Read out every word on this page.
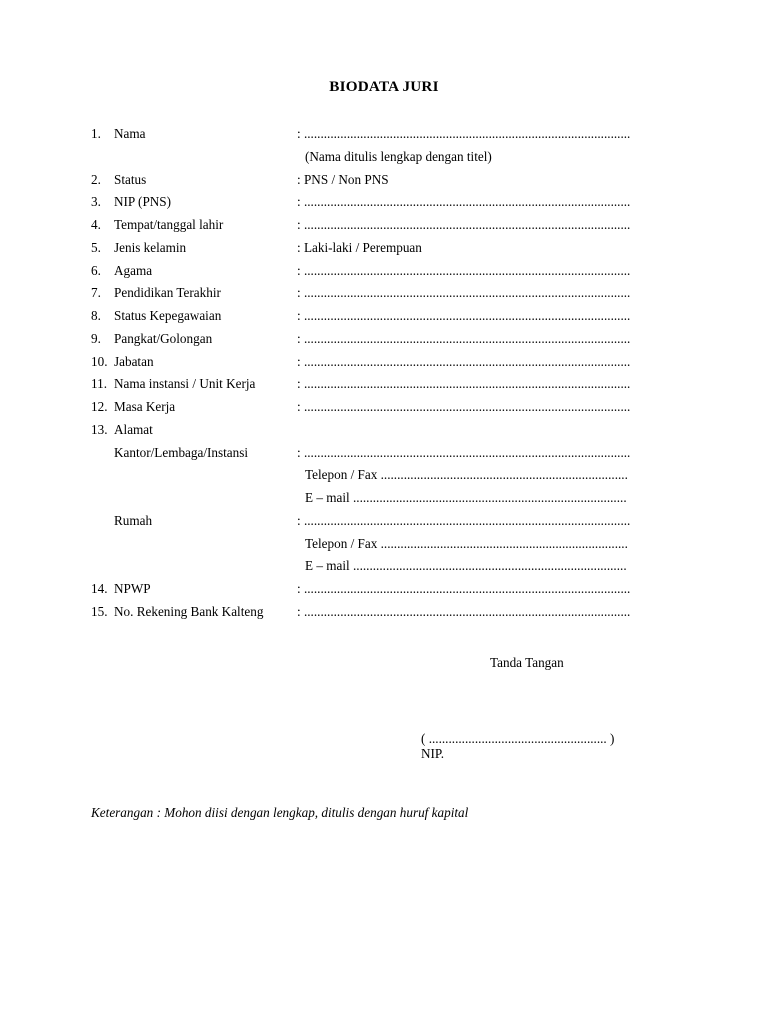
BIODATA JURI
1. Nama	: ...................................................................................................
(Nama ditulis lengkap dengan titel)
2. Status	: PNS / Non PNS
3. NIP (PNS)	: ...................................................................................................
4. Tempat/tanggal lahir	: ...................................................................................................
5. Jenis kelamin	: Laki-laki / Perempuan
6. Agama	: ...................................................................................................
7. Pendidikan Terakhir	: ...................................................................................................
8. Status Kepegawaian	: ...................................................................................................
9. Pangkat/Golongan	: ...................................................................................................
10. Jabatan	: ...................................................................................................
11. Nama instansi / Unit Kerja	: ...................................................................................................
12. Masa Kerja	: ...................................................................................................
13. Alamat
Kantor/Lembaga/Instansi	: ...................................................................................................
Telepon / Fax ...........................................................................
E – mail ...................................................................................
Rumah	: ...................................................................................................
Telepon / Fax ...........................................................................
E – mail ...................................................................................
14. NPWP	: ...................................................................................................
15. No. Rekening Bank Kalteng	: ...................................................................................................
Tanda Tangan
( ...................................................... )
NIP.
Keterangan : Mohon diisi dengan lengkap, ditulis dengan huruf kapital
